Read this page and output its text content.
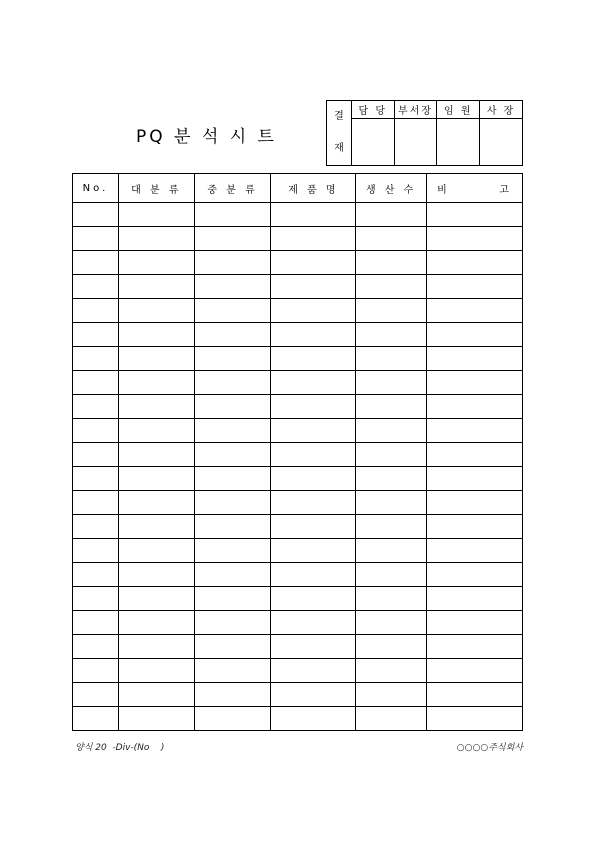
PQ 분 석 시 트
결
재	담 당	부서장	임 원	사 장

No.	대 분 류	중 분 류	제 품 명	생 산 수	비        고

양식 20  -Div-(No    )	○○○○주식회사
